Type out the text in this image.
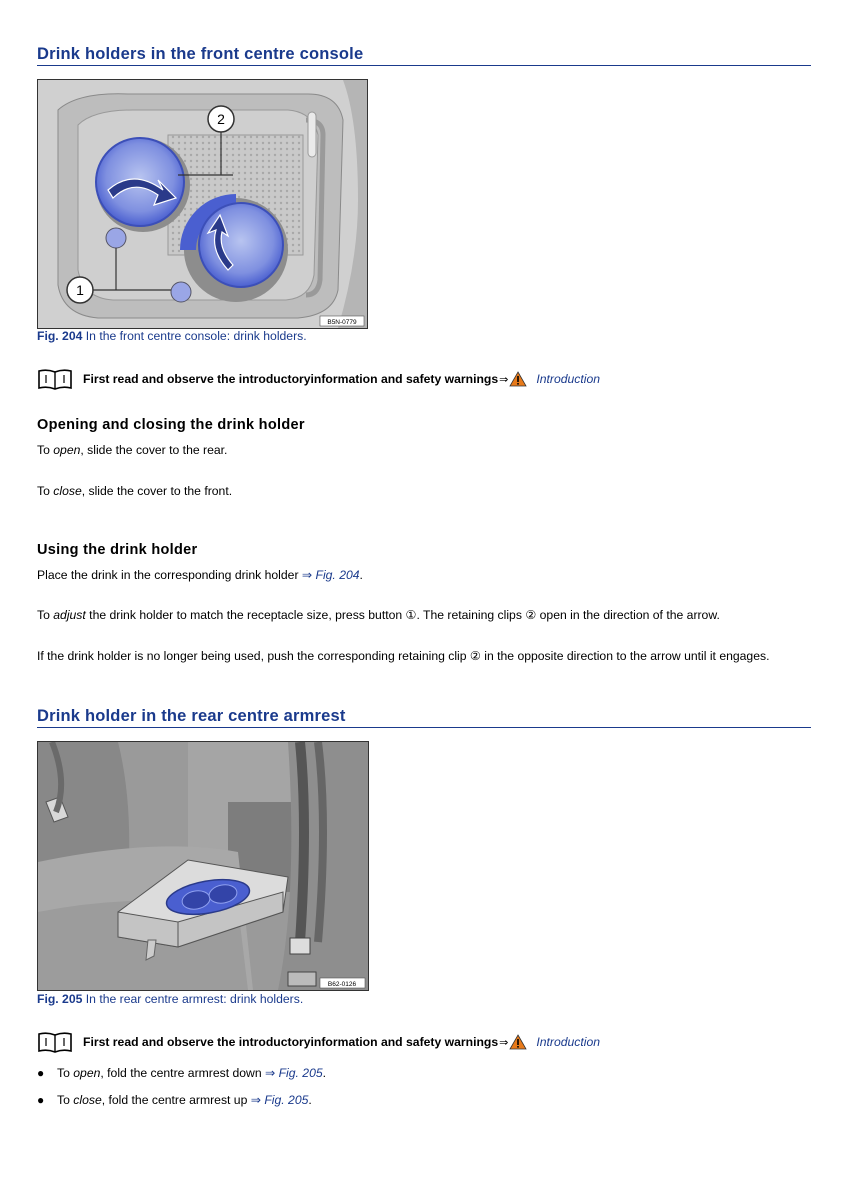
Drink holders in the front centre console
1
2
B5N-0779
Fig. 204 In the front centre console: drink holders.
First read and observe the introductoryinformation and safety warnings ⇒ Introduction
Opening and closing the drink holder
To open, slide the cover to the rear.
To close, slide the cover to the front.
Using the drink holder
Place the drink in the corresponding drink holder ⇒ Fig. 204.
To adjust the drink holder to match the receptacle size, press button ①. The retaining clips ② open in the direction of the arrow.
If the drink holder is no longer being used, push the corresponding retaining clip ② in the opposite direction to the arrow until it engages.
Drink holder in the rear centre armrest
B62-0126
Fig. 205 In the rear centre armrest: drink holders.
First read and observe the introductoryinformation and safety warnings ⇒ Introduction
●	To open, fold the centre armrest down ⇒ Fig. 205.
●	To close, fold the centre armrest up ⇒ Fig. 205.
